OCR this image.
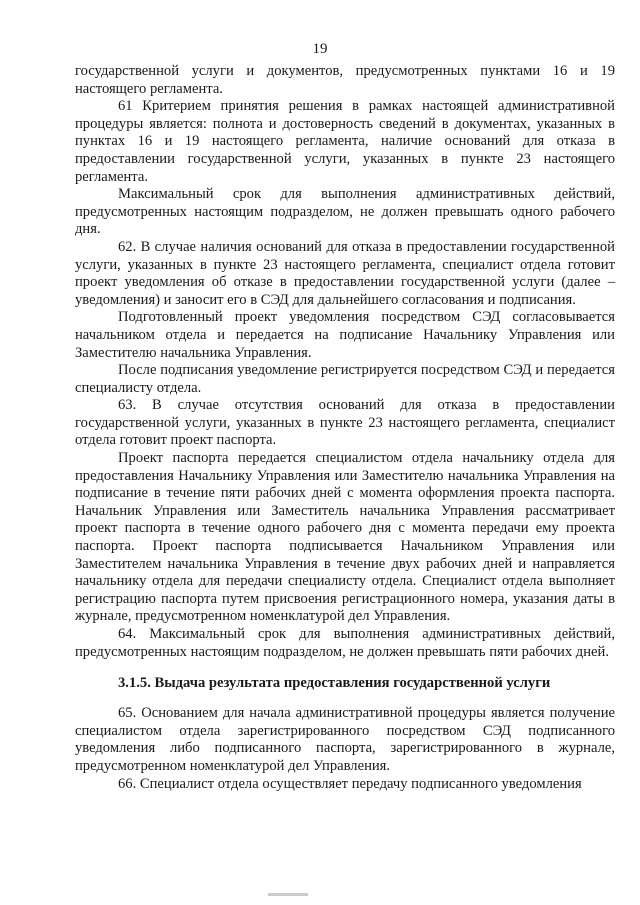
19

государственной услуги и документов, предусмотренных пунктами 16 и 19 настоящего регламента.

61 Критерием принятия решения в рамках настоящей административной процедуры является: полнота и достоверность сведений в документах, указанных в пунктах 16 и 19 настоящего регламента, наличие оснований для отказа в предоставлении государственной услуги, указанных в пункте 23 настоящего регламента.

Максимальный срок для выполнения административных действий, предусмотренных настоящим подразделом, не должен превышать одного рабочего дня.

62. В случае наличия оснований для отказа в предоставлении государственной услуги, указанных в пункте 23 настоящего регламента, специалист отдела готовит проект уведомления об отказе в предоставлении государственной услуги (далее – уведомления) и заносит его в СЭД для дальнейшего согласования и подписания.

Подготовленный проект уведомления посредством СЭД согласовывается начальником отдела и передается на подписание Начальнику Управления или Заместителю начальника Управления.

После подписания уведомление регистрируется посредством СЭД и передается специалисту отдела.

63. В случае отсутствия оснований для отказа в предоставлении государственной услуги, указанных в пункте 23 настоящего регламента, специалист отдела готовит проект паспорта.

Проект паспорта передается специалистом отдела начальнику отдела для предоставления Начальнику Управления или Заместителю начальника Управления на подписание в течение пяти рабочих дней с момента оформления проекта паспорта. Начальник Управления или Заместитель начальника Управления рассматривает проект паспорта в течение одного рабочего дня с момента передачи ему проекта паспорта. Проект паспорта подписывается Начальником Управления или Заместителем начальника Управления в течение двух рабочих дней и направляется начальнику отдела для передачи специалисту отдела. Специалист отдела выполняет регистрацию паспорта путем присвоения регистрационного номера, указания даты в журнале, предусмотренном номенклатурой дел Управления.

64. Максимальный срок для выполнения административных действий, предусмотренных настоящим подразделом, не должен превышать пяти рабочих дней.

3.1.5. Выдача результата предоставления государственной услуги

65. Основанием для начала административной процедуры является получение специалистом отдела зарегистрированного посредством СЭД подписанного уведомления либо подписанного паспорта, зарегистрированного в журнале, предусмотренном номенклатурой дел Управления.

66. Специалист отдела осуществляет передачу подписанного уведомления
